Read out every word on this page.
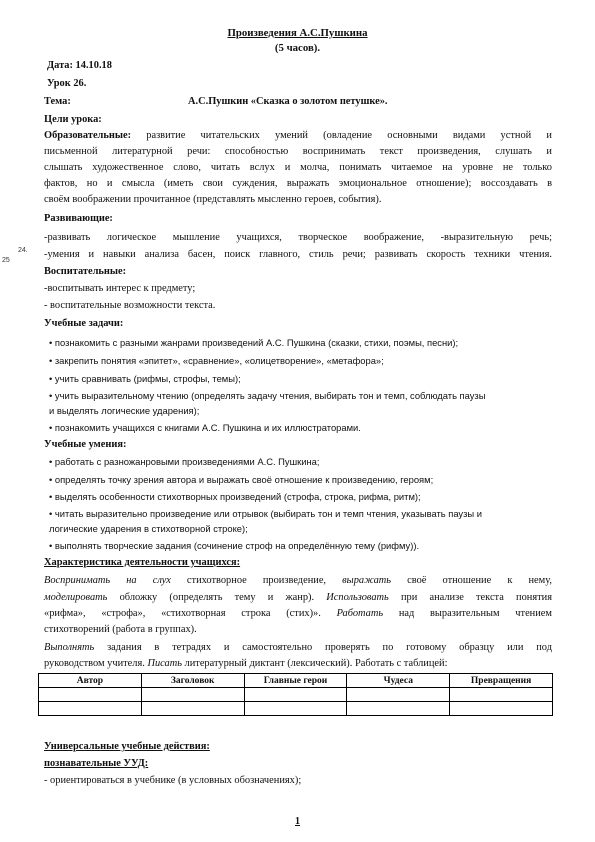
Произведения А.С.Пушкина
(5 часов).
24.
25
Дата: 14.10.18
Урок 26.
Тема:	А.С.Пушкин «Сказка о золотом петушке».
Цели урока:
Образовательные: развитие читательских умений (овладение основными видами устной и
письменной литературной речи: способностью воспринимать текст произведения, слушать и
слышать художественное слово, читать вслух и молча, понимать читаемое на уровне не только
фактов, но и смысла (иметь свои суждения, выражать эмоциональное отношение); воссоздавать в
своём воображении прочитанное (представлять мысленно героев, события).
Развивающие:
-развивать логическое мышление учащихся, творческое воображение, -выразительную речь;
-умения и навыки анализа басен, поиск главного, стиль речи; развивать скорость техники чтения.
Воспитательные:
-воспитывать интерес к предмету;
- воспитательные возможности текста.
Учебные задачи:
• познакомить с разными жанрами произведений А.С. Пушкина (сказки, стихи, поэмы, песни);
• закрепить понятия «эпитет», «сравнение», «олицетворение», «метафора»;
• учить сравнивать (рифмы, строфы, темы);
• учить выразительному чтению (определять задачу чтения, выбирать тон и темп, соблюдать паузы
и выделять логические ударения);
• познакомить учащихся с книгами А.С. Пушкина и их иллюстраторами.
Учебные умения:
• работать с разножанровыми произведениями А.С. Пушкина;
• определять точку зрения автора и выражать своё отношение к произведению, героям;
• выделять особенности стихотворных произведений (строфа, строка, рифма, ритм);
• читать выразительно произведение или отрывок (выбирать тон и темп чтения, указывать паузы и
логические ударения в стихотворной строке);
• выполнять творческие задания (сочинение строф на определённую тему (рифму)).
Характеристика деятельности учащихся:
Воспринимать на слух стихотворное произведение, выражать своё отношение к нему,
моделировать обложку (определять тему и жанр). Использовать при анализе текста понятия
«рифма», «строфа», «стихотворная строка (стих)». Работать над выразительным чтением
стихотворений (работа в группах).
Выполнять задания в тетрадях и самостоятельно проверять по готовому образцу или под
руководством учителя. Писать литературный диктант (лексический). Работать с таблицей:
Автор	Заголовок	Главные герои	Чудеса	Превращения

Универсальные учебные действия:
познавательные УУД:
- ориентироваться в учебнике (в условных обозначениях);
1
